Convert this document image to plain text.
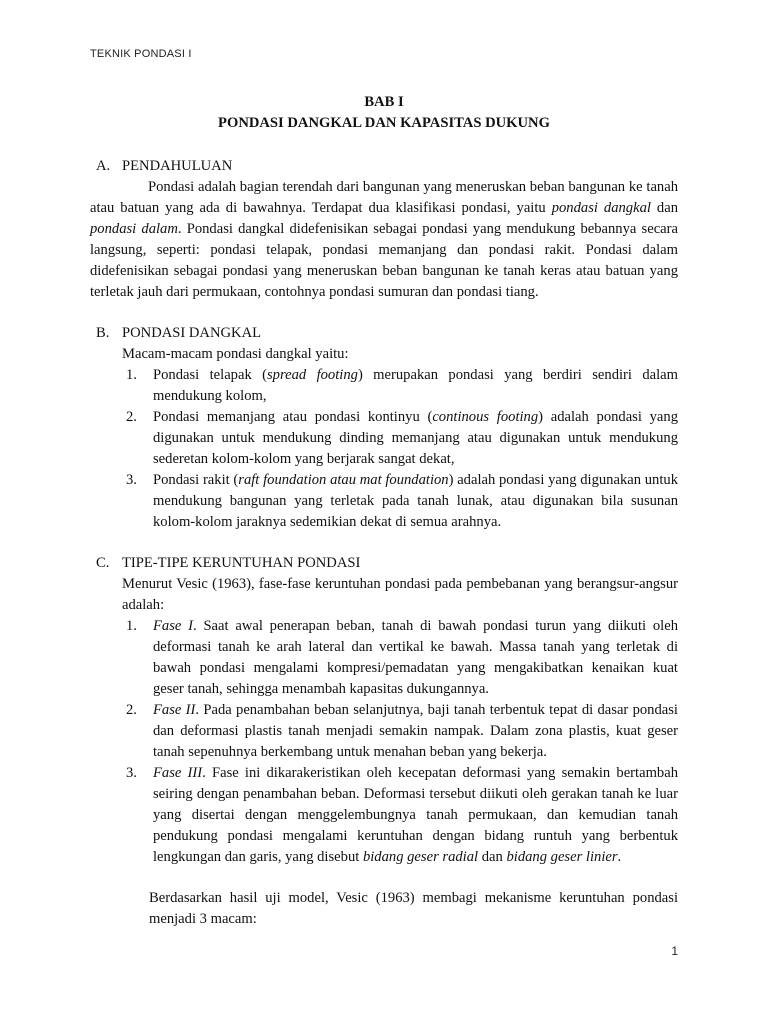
TEKNIK PONDASI I

BAB I

PONDASI DANGKAL DAN KAPASITAS DUKUNG

A. PENDAHULUAN

Pondasi adalah bagian terendah dari bangunan yang meneruskan beban bangunan ke tanah atau batuan yang ada di bawahnya. Terdapat dua klasifikasi pondasi, yaitu pondasi dangkal dan pondasi dalam. Pondasi dangkal didefenisikan sebagai pondasi yang mendukung bebannya secara langsung, seperti: pondasi telapak, pondasi memanjang dan pondasi rakit. Pondasi dalam didefenisikan sebagai pondasi yang meneruskan beban bangunan ke tanah keras atau batuan yang terletak jauh dari permukaan, contohnya pondasi sumuran dan pondasi tiang.

B. PONDASI DANGKAL

Macam-macam pondasi dangkal yaitu:

1.	Pondasi telapak (spread footing) merupakan pondasi yang berdiri sendiri dalam mendukung kolom,
2.	Pondasi memanjang atau pondasi kontinyu (continous footing) adalah pondasi yang digunakan untuk mendukung dinding memanjang atau digunakan untuk mendukung sederetan kolom-kolom yang berjarak sangat dekat,
3.	Pondasi rakit (raft foundation atau mat foundation) adalah pondasi yang digunakan untuk mendukung bangunan yang terletak pada tanah lunak, atau digunakan bila susunan kolom-kolom jaraknya sedemikian dekat di semua arahnya.
C. TIPE-TIPE KERUNTUHAN PONDASI

Menurut Vesic (1963), fase-fase keruntuhan pondasi pada pembebanan yang berangsur-angsur adalah:

1.	Fase I. Saat awal penerapan beban, tanah di bawah pondasi turun yang diikuti oleh deformasi tanah ke arah lateral dan vertikal ke bawah. Massa tanah yang terletak di bawah pondasi mengalami kompresi/pemadatan yang mengakibatkan kenaikan kuat geser tanah, sehingga menambah kapasitas dukungannya.
2.	Fase II. Pada penambahan beban selanjutnya, baji tanah terbentuk tepat di dasar pondasi dan deformasi plastis tanah menjadi semakin nampak. Dalam zona plastis, kuat geser tanah sepenuhnya berkembang untuk menahan beban yang bekerja.
3.	Fase III. Fase ini dikarakeristikan oleh kecepatan deformasi yang semakin bertambah seiring dengan penambahan beban. Deformasi tersebut diikuti oleh gerakan tanah ke luar yang disertai dengan menggelembungnya tanah permukaan, dan kemudian tanah pendukung pondasi mengalami keruntuhan dengan bidang runtuh yang berbentuk lengkungan dan garis, yang disebut bidang geser radial dan bidang geser linier.

Berdasarkan hasil uji model, Vesic (1963) membagi mekanisme keruntuhan pondasi menjadi 3 macam:

1
